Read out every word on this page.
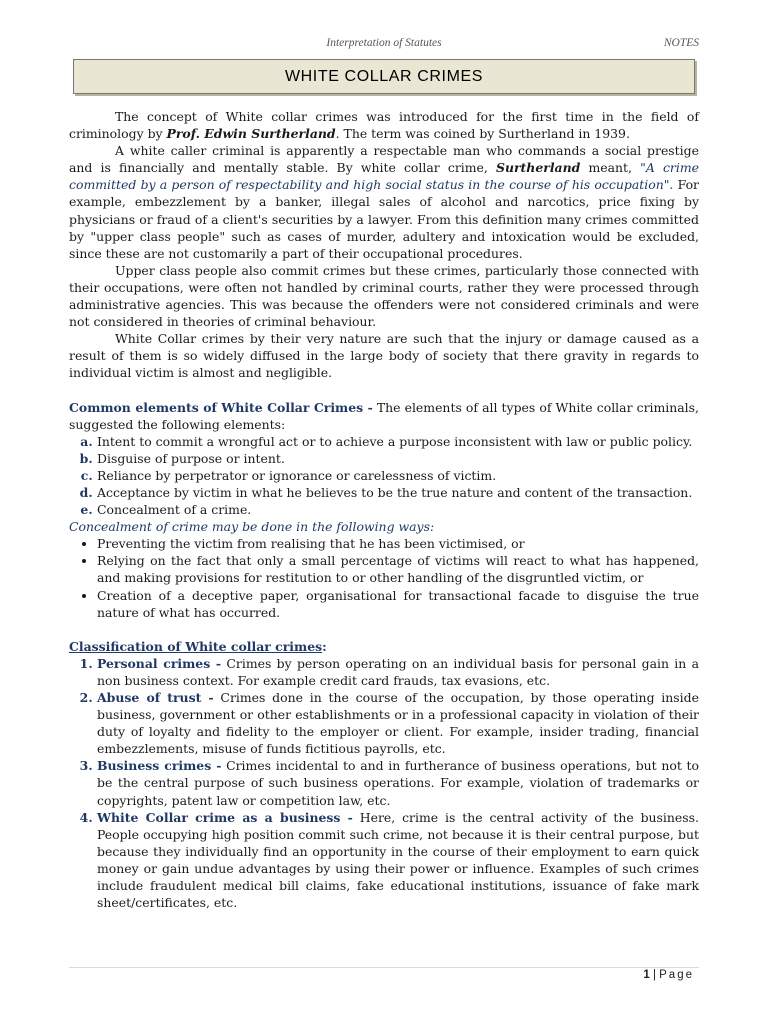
Interpretation of Statutes	NOTES
WHITE COLLAR CRIMES

The concept of White collar crimes was introduced for the first time in the field of criminology by Prof. Edwin Surtherland. The term was coined by Surtherland in 1939.

A white caller criminal is apparently a respectable man who commands a social prestige and is financially and mentally stable. By white collar crime, Surtherland meant, "A crime committed by a person of respectability and high social status in the course of his occupation". For example, embezzlement by a banker, illegal sales of alcohol and narcotics, price fixing by physicians or fraud of a client's securities by a lawyer. From this definition many crimes committed by "upper class people" such as cases of murder, adultery and intoxication would be excluded, since these are not customarily a part of their occupational procedures.

Upper class people also commit crimes but these crimes, particularly those connected with their occupations, were often not handled by criminal courts, rather they were processed through administrative agencies. This was because the offenders were not considered criminals and were not considered in theories of criminal behaviour.

White Collar crimes by their very nature are such that the injury or damage caused as a result of them is so widely diffused in the large body of society that there gravity in regards to individual victim is almost and negligible.

Common elements of White Collar Crimes - The elements of all types of White collar criminals, suggested the following elements:

a. Intent to commit a wrongful act or to achieve a purpose inconsistent with law or public policy.
b. Disguise of purpose or intent.
c. Reliance by perpetrator or ignorance or carelessness of victim.
d. Acceptance by victim in what he believes to be the true nature and content of the transaction.
e. Concealment of a crime.

Concealment of crime may be done in the following ways:

• Preventing the victim from realising that he has been victimised, or
• Relying on the fact that only a small percentage of victims will react to what has happened, and making provisions for restitution to or other handling of the disgruntled victim, or
• Creation of a deceptive paper, organisational for transactional facade to disguise the true nature of what has occurred.

Classification of White collar crimes:

1. Personal crimes - Crimes by person operating on an individual basis for personal gain in a non business context. For example credit card frauds, tax evasions, etc.
2. Abuse of trust - Crimes done in the course of the occupation, by those operating inside business, government or other establishments or in a professional capacity in violation of their duty of loyalty and fidelity to the employer or client. For example, insider trading, financial embezzlements, misuse of funds fictitious payrolls, etc.
3. Business crimes - Crimes incidental to and in furtherance of business operations, but not to be the central purpose of such business operations. For example, violation of trademarks or copyrights, patent law or competition law, etc.
4. White Collar crime as a business - Here, crime is the central activity of the business. People occupying high position commit such crime, not because it is their central purpose, but because they individually find an opportunity in the course of their employment to earn quick money or gain undue advantages by using their power or influence. Examples of such crimes include fraudulent medical bill claims, fake educational institutions, issuance of fake mark sheet/certificates, etc.
1 | Page
